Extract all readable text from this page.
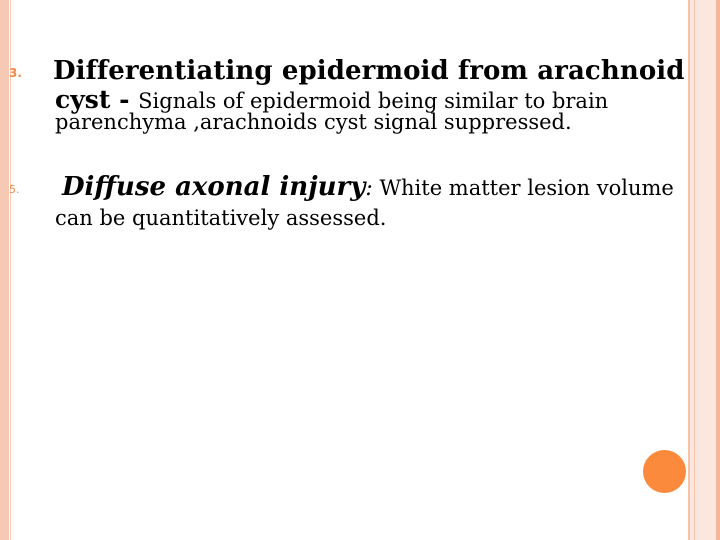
3. Differentiating epidermoid from arachnoid
cyst - Signals of epidermoid being similar to brain
parenchyma ,arachnoids cyst signal suppressed.
5. Diffuse axonal injury: White matter lesion volume
can be quantitatively assessed.
